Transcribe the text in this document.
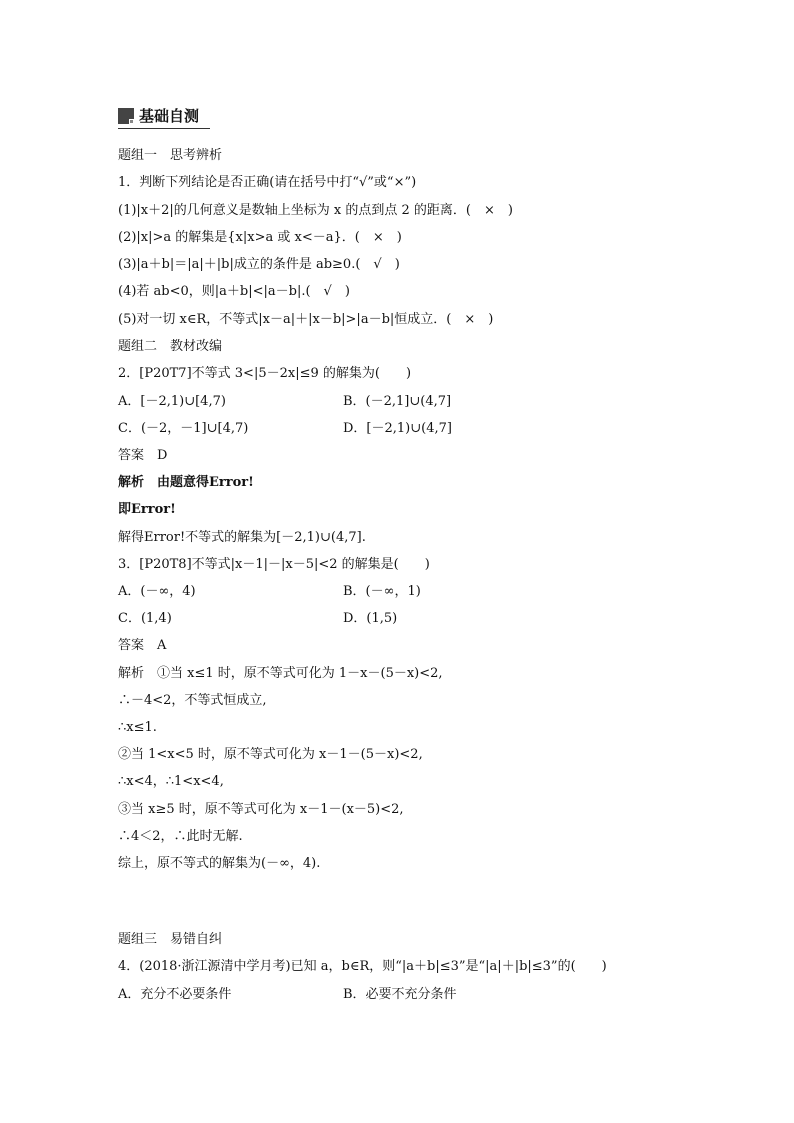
基础自测
题组一　思考辨析
1．判断下列结论是否正确(请在括号中打“√”或“×”)
(1)|x＋2|的几何意义是数轴上坐标为 x 的点到点 2 的距离．(　×　)
(2)|x|>a 的解集是{x|x>a 或 x<－a}．(　×　)
(3)|a＋b|＝|a|＋|b|成立的条件是 ab≥0.(　√　)
(4)若 ab<0，则|a＋b|<|a－b|.(　√　)
(5)对一切 x∈R，不等式|x－a|＋|x－b|>|a－b|恒成立．(　×　)
题组二　教材改编
2．[P20T7]不等式 3<|5－2x|≤9 的解集为(　　)
A．[－2,1)∪[4,7)	B．(－2,1]∪(4,7]
C．(－2，－1]∪[4,7)	D．[－2,1)∪(4,7]
答案　D
解析　由题意得Error!
即Error!
解得Error!不等式的解集为[－2,1)∪(4,7].
3．[P20T8]不等式|x－1|－|x－5|<2 的解集是(　　)
A．(－∞，4)	B．(－∞，1)
C．(1,4)	D．(1,5)
答案　A
解析　①当 x≤1 时，原不等式可化为 1－x－(5－x)<2,
∴－4<2，不等式恒成立,
∴x≤1.
②当 1<x<5 时，原不等式可化为 x－1－(5－x)<2,
∴x<4，∴1<x<4,
③当 x≥5 时，原不等式可化为 x－1－(x－5)<2,
∴4＜2，∴此时无解.
综上，原不等式的解集为(－∞，4).
题组三　易错自纠
4．(2018·浙江源清中学月考)已知 a，b∈R，则“|a＋b|≤3”是“|a|＋|b|≤3”的(　　)
A．充分不必要条件	B．必要不充分条件
